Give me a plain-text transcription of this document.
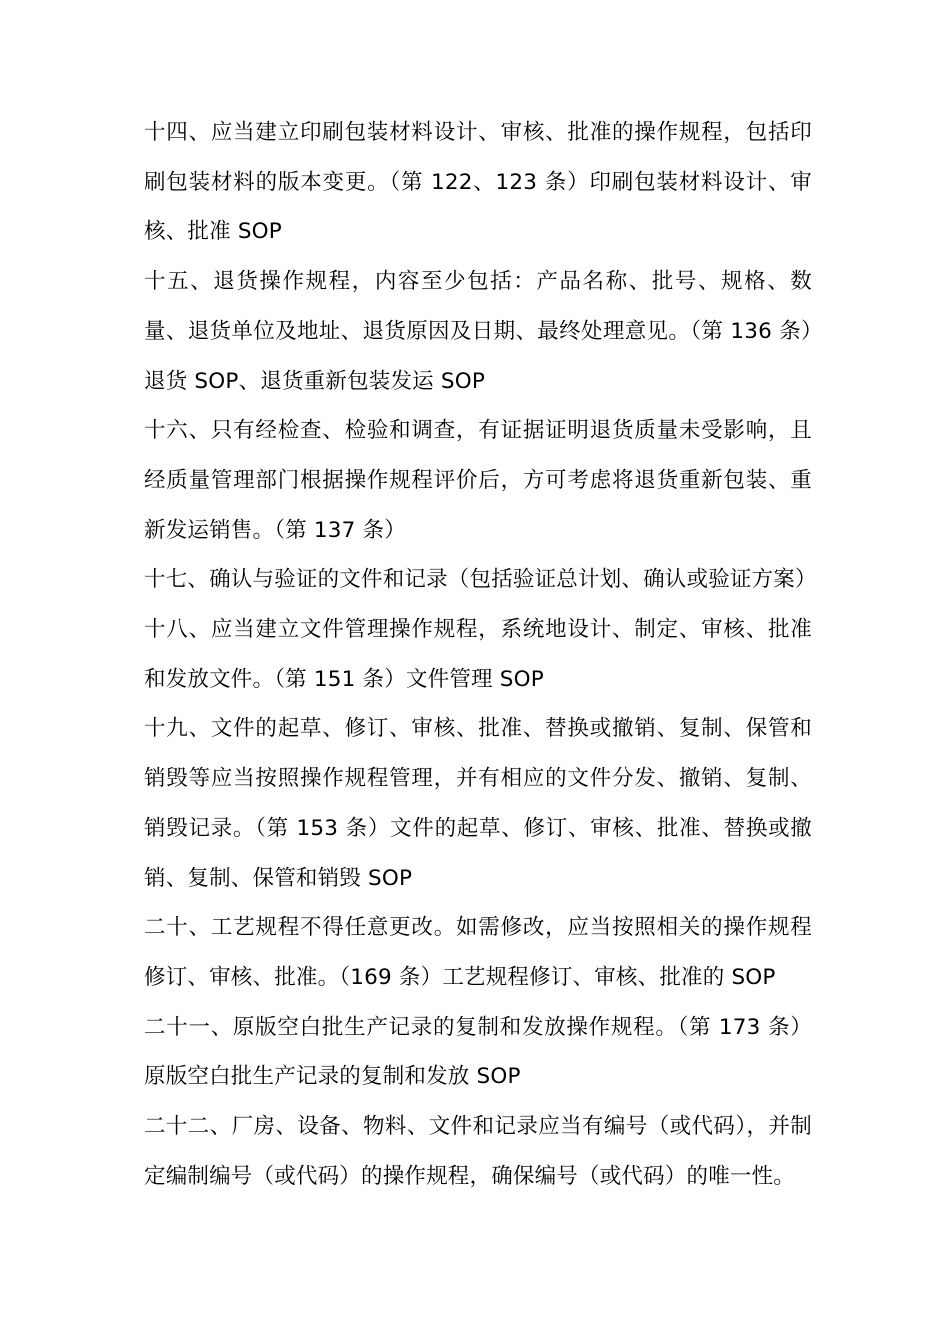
十四、应当建立印刷包装材料设计、审核、批准的操作规程，包括印刷包装材料的版本变更。（第 122、123 条）印刷包装材料设计、审核、批准 SOP

十五、退货操作规程，内容至少包括：产品名称、批号、规格、数量、退货单位及地址、退货原因及日期、最终处理意见。（第 136 条）退货 SOP、退货重新包装发运 SOP

十六、只有经检查、检验和调查，有证据证明退货质量未受影响，且经质量管理部门根据操作规程评价后，方可考虑将退货重新包装、重新发运销售。（第 137 条）

十七、确认与验证的文件和记录（包括验证总计划、确认或验证方案）

十八、应当建立文件管理操作规程，系统地设计、制定、审核、批准和发放文件。（第 151 条）文件管理 SOP

十九、文件的起草、修订、审核、批准、替换或撤销、复制、保管和销毁等应当按照操作规程管理，并有相应的文件分发、撤销、复制、销毁记录。（第 153 条）文件的起草、修订、审核、批准、替换或撤销、复制、保管和销毁 SOP

二十、工艺规程不得任意更改。如需修改，应当按照相关的操作规程修订、审核、批准。（169 条）工艺规程修订、审核、批准的 SOP

二十一、原版空白批生产记录的复制和发放操作规程。（第 173 条）原版空白批生产记录的复制和发放 SOP

二十二、厂房、设备、物料、文件和记录应当有编号（或代码），并制定编制编号（或代码）的操作规程，确保编号（或代码）的唯一性。
